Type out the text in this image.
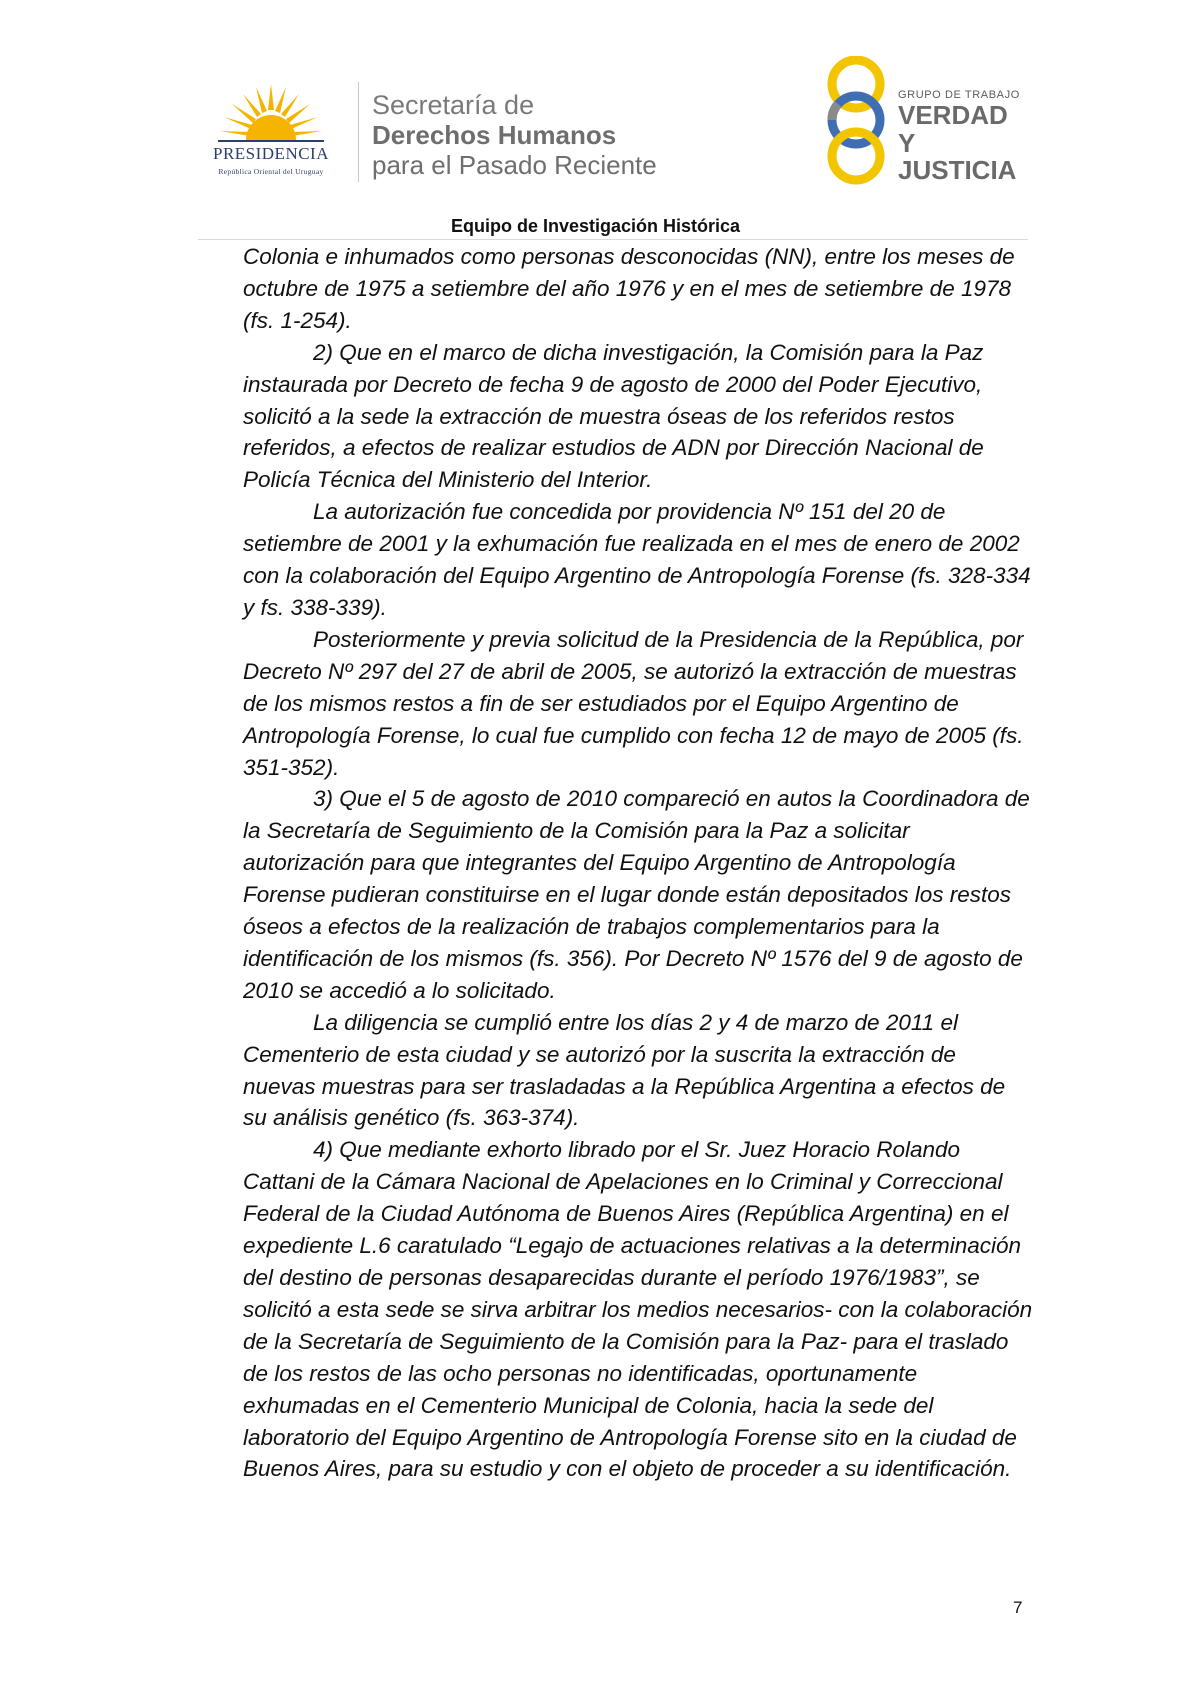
PRESIDENCIA
República Oriental del Uruguay
Secretaría de
Derechos Humanos
para el Pasado Reciente
GRUPO DE TRABAJO
VERDAD Y
JUSTICIA
Equipo de Investigación Histórica

Colonia e inhumados como personas desconocidas (NN), entre los meses de octubre de 1975 a setiembre del año 1976 y en el mes de setiembre de 1978 (fs. 1-254).

2) Que en el marco de dicha investigación, la Comisión para la Paz instaurada por Decreto de fecha 9 de agosto de 2000 del Poder Ejecutivo, solicitó a la sede la extracción de muestra óseas de los referidos restos referidos, a efectos de realizar estudios de ADN por Dirección Nacional de Policía Técnica del Ministerio del Interior.

La autorización fue concedida por providencia Nº 151 del 20 de setiembre de 2001 y la exhumación fue realizada en el mes de enero de 2002 con la colaboración del Equipo Argentino de Antropología Forense (fs. 328-334 y fs. 338-339).

Posteriormente y previa solicitud de la Presidencia de la República, por Decreto Nº 297 del 27 de abril de 2005, se autorizó la extracción de muestras de los mismos restos a fin de ser estudiados por el Equipo Argentino de Antropología Forense, lo cual fue cumplido con fecha 12 de mayo de 2005 (fs. 351-352).

3) Que el 5 de agosto de 2010 compareció en autos la Coordinadora de la Secretaría de Seguimiento de la Comisión para la Paz a solicitar autorización para que integrantes del Equipo Argentino de Antropología Forense pudieran constituirse en el lugar donde están depositados los restos óseos a efectos de la realización de trabajos complementarios para la identificación de los mismos (fs. 356). Por Decreto Nº 1576 del 9 de agosto de 2010 se accedió a lo solicitado.

La diligencia se cumplió entre los días 2 y 4 de marzo de 2011 el Cementerio de esta ciudad y se autorizó por la suscrita la extracción de nuevas muestras para ser trasladadas a la República Argentina a efectos de su análisis genético (fs. 363-374).

4) Que mediante exhorto librado por el Sr. Juez Horacio Rolando Cattani de la Cámara Nacional de Apelaciones en lo Criminal y Correccional Federal de la Ciudad Autónoma de Buenos Aires (República Argentina) en el expediente L.6 caratulado “Legajo de actuaciones relativas a la determinación del destino de personas desaparecidas durante el período 1976/1983”, se solicitó a esta sede se sirva arbitrar los medios necesarios- con la colaboración de la Secretaría de Seguimiento de la Comisión para la Paz- para el traslado de los restos de las ocho personas no identificadas, oportunamente exhumadas en el Cementerio Municipal de Colonia, hacia la sede del laboratorio del Equipo Argentino de Antropología Forense sito en la ciudad de Buenos Aires, para su estudio y con el objeto de proceder a su identificación.

7
